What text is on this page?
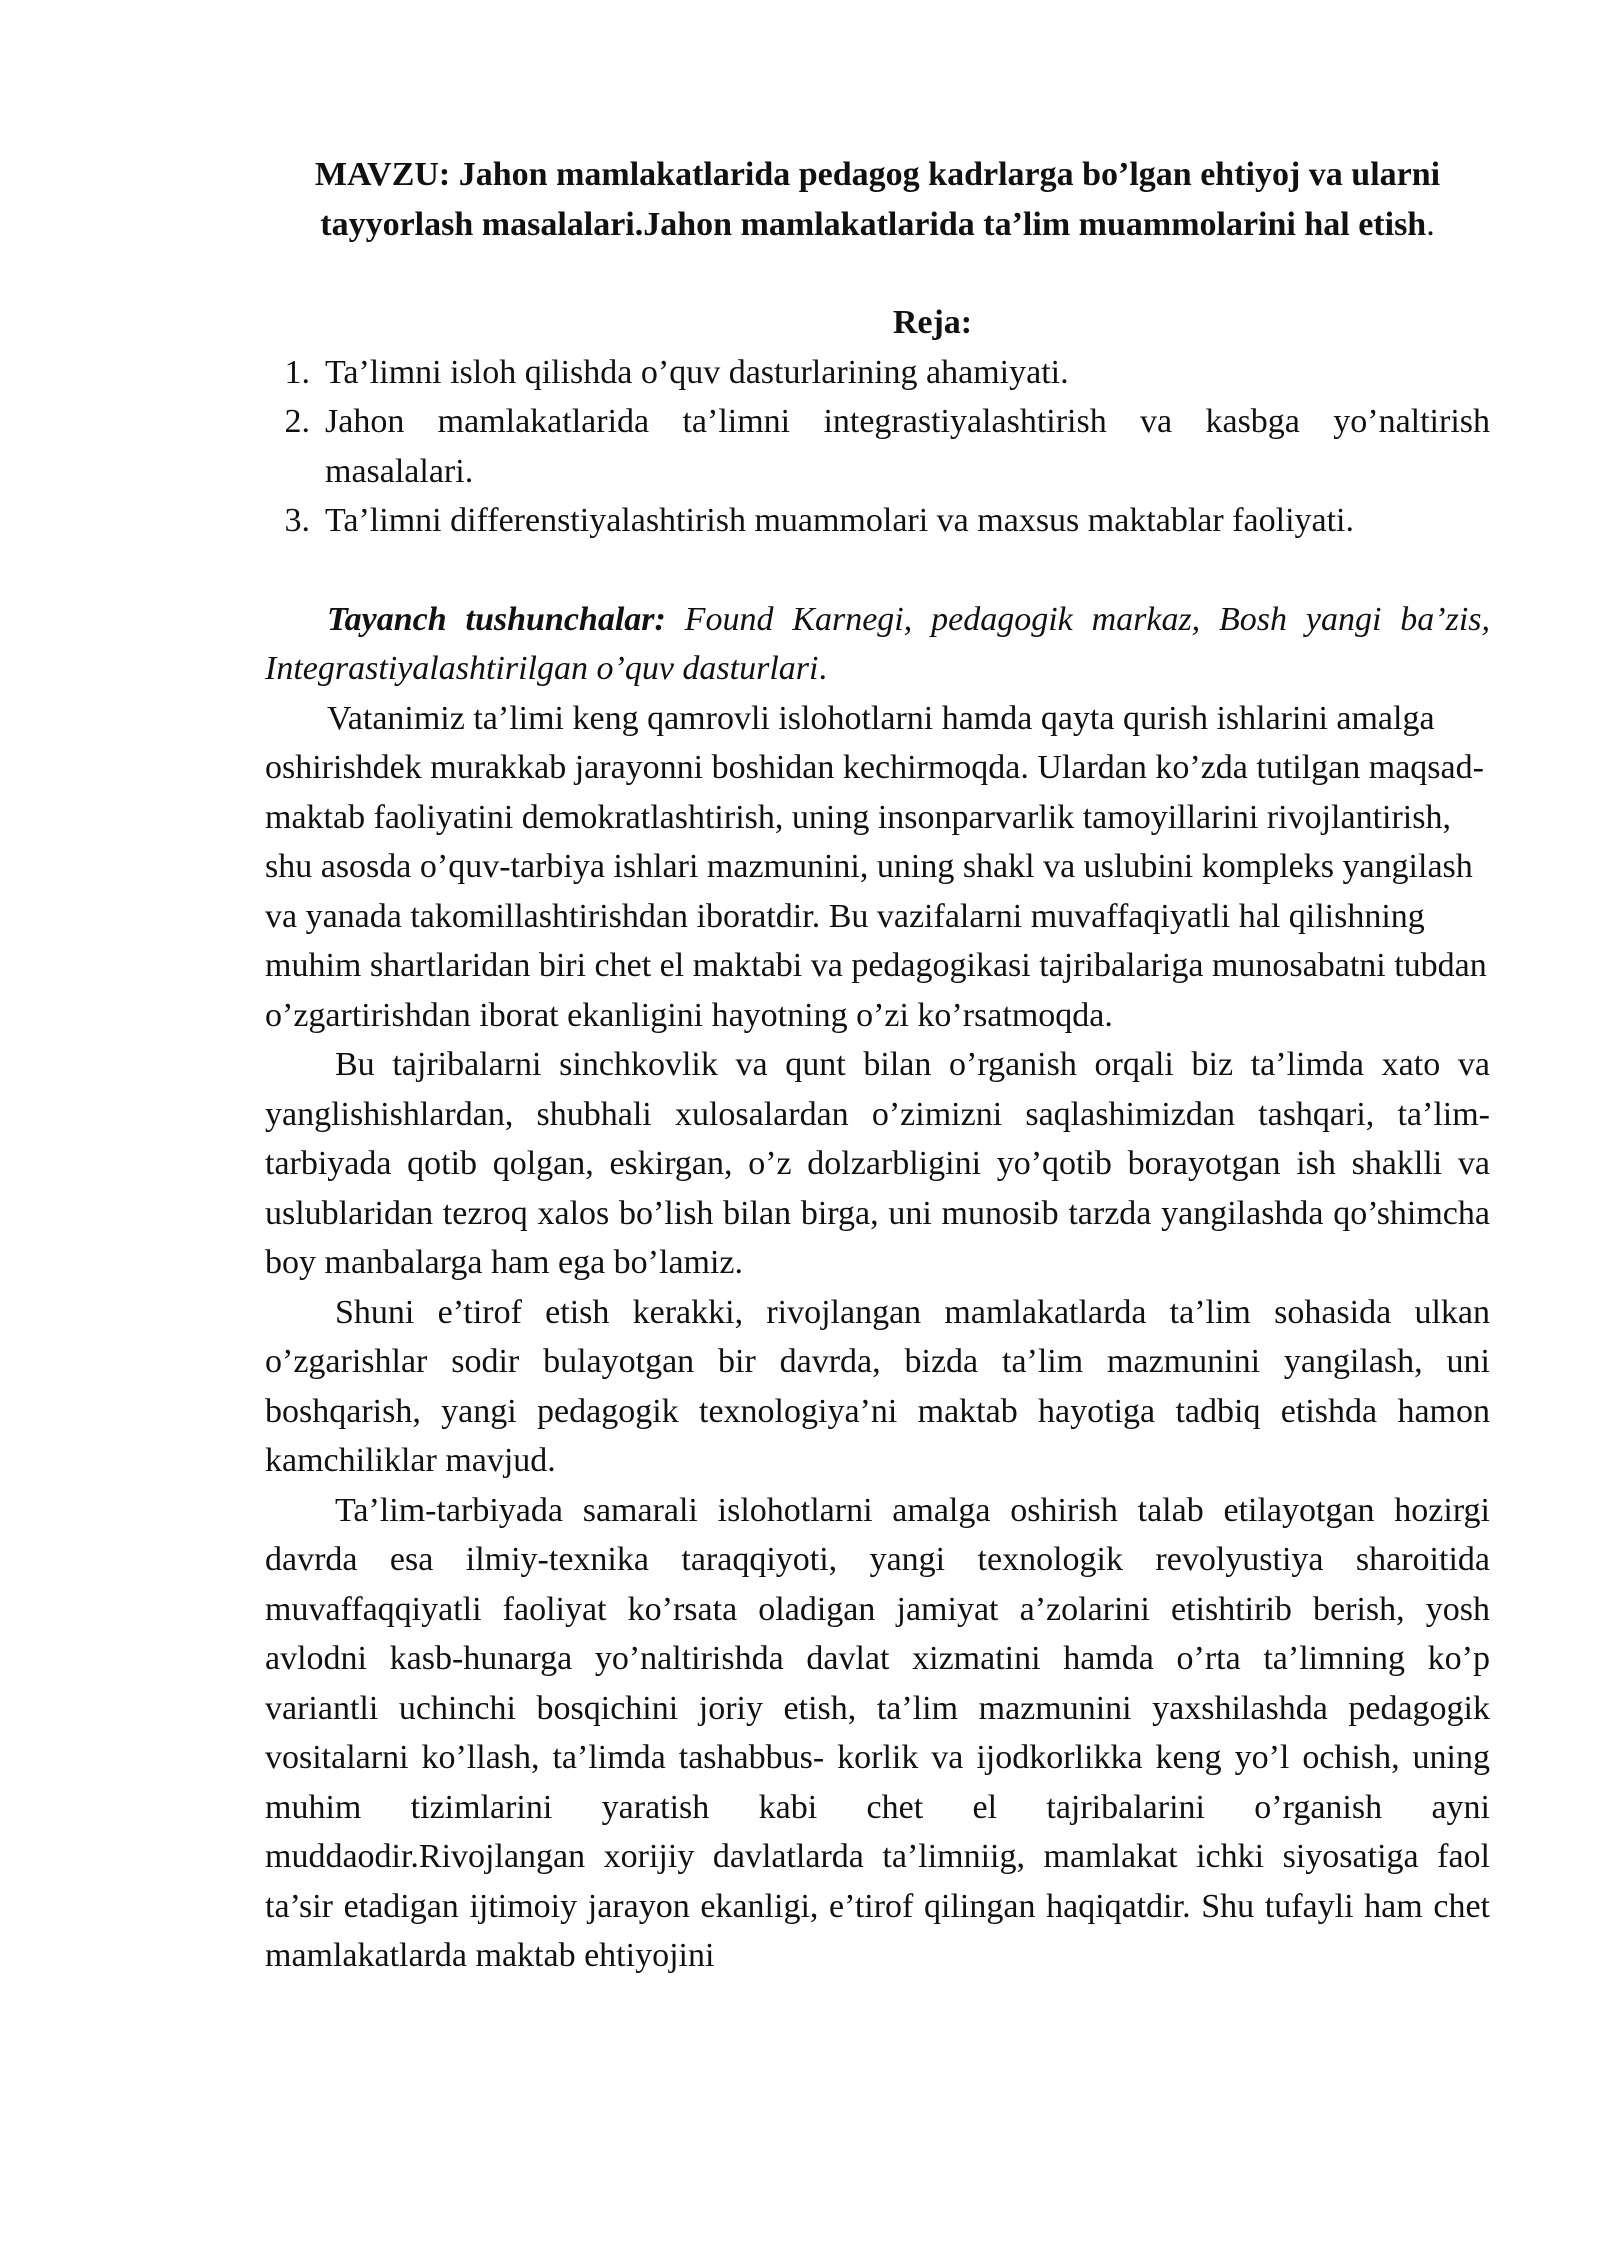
MAVZU: Jahon mamlakatlarida pedagog kadrlarga bo’lgan ehtiyoj va ularni tayyorlash masalalari.Jahon mamlakatlarida ta’lim muammolarini hal etish.
Reja:
1. Ta’limni isloh qilishda o’quv dasturlarining ahamiyati.
2. Jahon mamlakatlarida ta’limni integrastiyalashtirish va kasbga yo’naltirish masalalari.
3. Ta’limni differenstiyalashtirish muammolari va maxsus maktablar faoliyati.

Tayanch tushunchalar: Found Karnegi, pedagogik markaz, Bosh yangi ba’zis, Integrastiyalashtirilgan o’quv dasturlari.

Vatanimiz ta’limi keng qamrovli islohotlarni hamda qayta qurish ishlarini amalga oshirishdek murakkab jarayonni boshidan kechirmoqda. Ulardan ko’zda tutilgan maqsad- maktab faoliyatini demokratlashtirish, uning insonparvarlik tamoyillarini rivojlantirish, shu asosda o’quv-tarbiya ishlari mazmunini, uning shakl va uslubini kompleks yangilash va yanada takomillashtirishdan iboratdir. Bu vazifalarni muvaffaqiyatli hal qilishning muhim shartlaridan biri chet el maktabi va pedagogikasi tajribalariga munosabatni tubdan o’zgartirishdan iborat ekanligini hayotning o’zi ko’rsatmoqda.

Bu tajribalarni sinchkovlik va qunt bilan o’rganish orqali biz ta’limda xato va yanglishishlardan, shubhali xulosalardan o’zimizni saqlashimizdan tashqari, ta’lim-tarbiyada qotib qolgan, eskirgan, o’z dolzarbligini yo’qotib borayotgan ish shaklli va uslublaridan tezroq xalos bo’lish bilan birga, uni munosib tarzda yangilashda qo’shimcha boy manbalarga ham ega bo’lamiz.

Shuni e’tirof etish kerakki, rivojlangan mamlakatlarda ta’lim sohasida ulkan o’zgarishlar sodir bulayotgan bir davrda, bizda ta’lim mazmunini yangilash, uni boshqarish, yangi pedagogik texnologiya’ni maktab hayotiga tadbiq etishda hamon kamchiliklar mavjud.

Ta’lim-tarbiyada samarali islohotlarni amalga oshirish talab etilayotgan hozirgi davrda esa ilmiy-texnika taraqqiyoti, yangi texnologik revolyustiya sharoitida muvaffaqqiyatli faoliyat ko’rsata oladigan jamiyat a’zolarini etishtirib berish, yosh avlodni kasb-hunarga yo’naltirishda davlat xizmatini hamda o’rta ta’limning ko’p variantli uchinchi bosqichini joriy etish, ta’lim mazmunini yaxshilashda pedagogik vositalarni ko’llash, ta’limda tashabbus- korlik va ijodkorlikka keng yo’l ochish, uning muhim tizimlarini yaratish kabi chet el tajribalarini o’rganish ayni muddaodir.Rivojlangan xorijiy davlatlarda ta’limniig, mamlakat ichki siyosatiga faol ta’sir etadigan ijtimoiy jarayon ekanligi, e’tirof qilingan haqiqatdir. Shu tufayli ham chet mamlakatlarda maktab ehtiyojini
